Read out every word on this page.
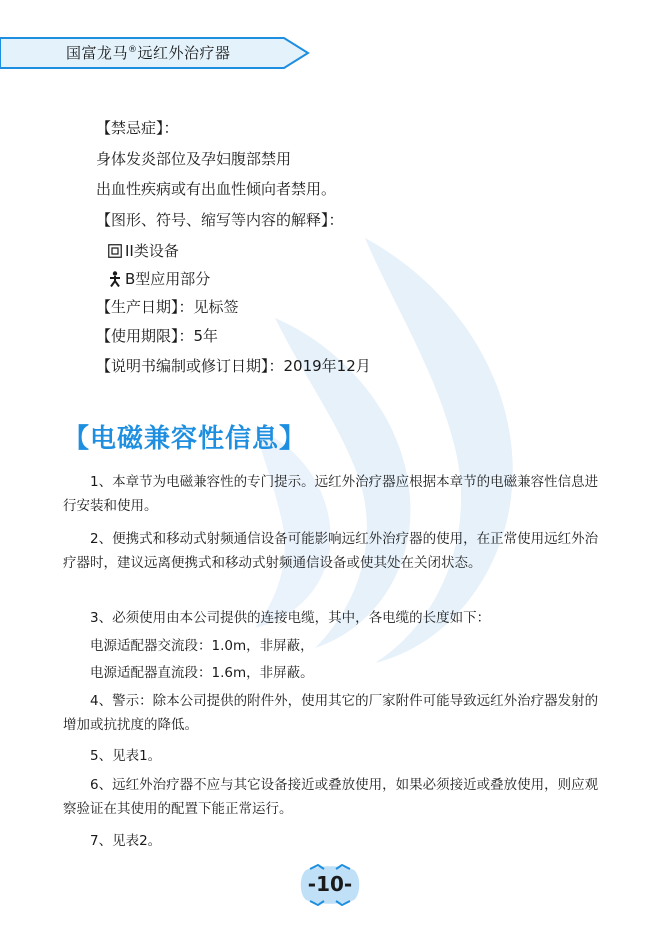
国富龙马®远红外治疗器
【禁忌症】：
身体发炎部位及孕妇腹部禁用
出血性疾病或有出血性倾向者禁用。
【图形、符号、缩写等内容的解释】：
II类设备
B型应用部分
【生产日期】：见标签
【使用期限】：5年
【说明书编制或修订日期】：2019年12月
【电磁兼容性信息】
1、本章节为电磁兼容性的专门提示。远红外治疗器应根据本章节的电磁兼容性信息进行安装和使用。
2、便携式和移动式射频通信设备可能影响远红外治疗器的使用，在正常使用远红外治疗器时，建议远离便携式和移动式射频通信设备或使其处在关闭状态。
3、必须使用由本公司提供的连接电缆，其中，各电缆的长度如下：
电源适配器交流段：1.0m，非屏蔽，
电源适配器直流段：1.6m，非屏蔽。
4、警示：除本公司提供的附件外，使用其它的厂家附件可能导致远红外治疗器发射的增加或抗扰度的降低。
5、见表1。
6、远红外治疗器不应与其它设备接近或叠放使用，如果必须接近或叠放使用，则应观察验证在其使用的配置下能正常运行。
7、见表2。
-10-
